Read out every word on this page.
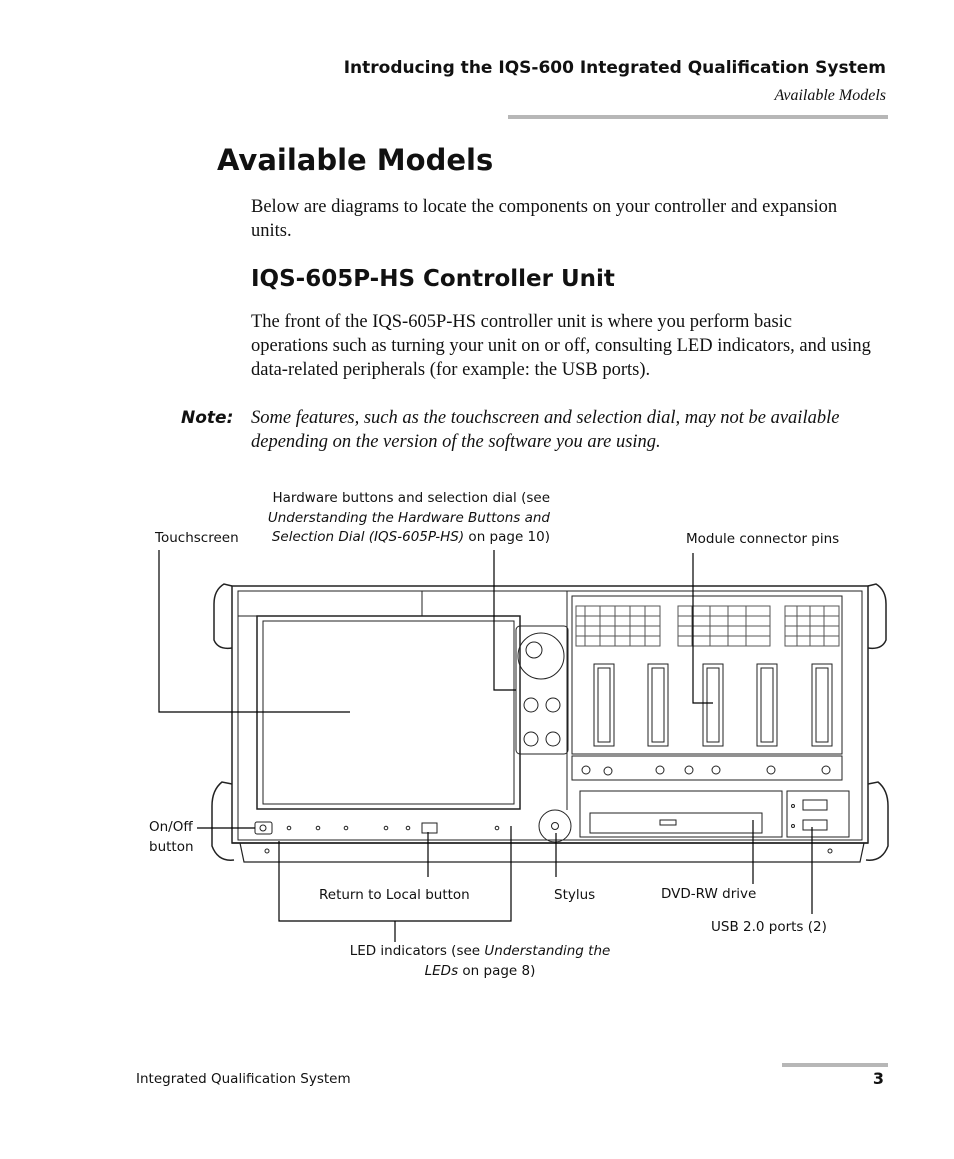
Introducing the IQS-600 Integrated Qualification System
Available Models
Available Models
Below are diagrams to locate the components on your controller and expansion units.
IQS-605P-HS Controller Unit
The front of the IQS-605P-HS controller unit is where you perform basic operations such as turning your unit on or off, consulting LED indicators, and using data-related peripherals (for example: the USB ports).
Note: Some features, such as the touchscreen and selection dial, may not be available depending on the version of the software you are using.
Hardware buttons and selection dial (see
Understanding the Hardware Buttons and
Selection Dial (IQS-605P-HS) on page 10)
Touchscreen	Module connector pins
On/Off
button
Return to Local button	Stylus	DVD-RW drive
USB 2.0 ports (2)
LED indicators (see Understanding the
LEDs on page 8)
Integrated Qualification System	3
